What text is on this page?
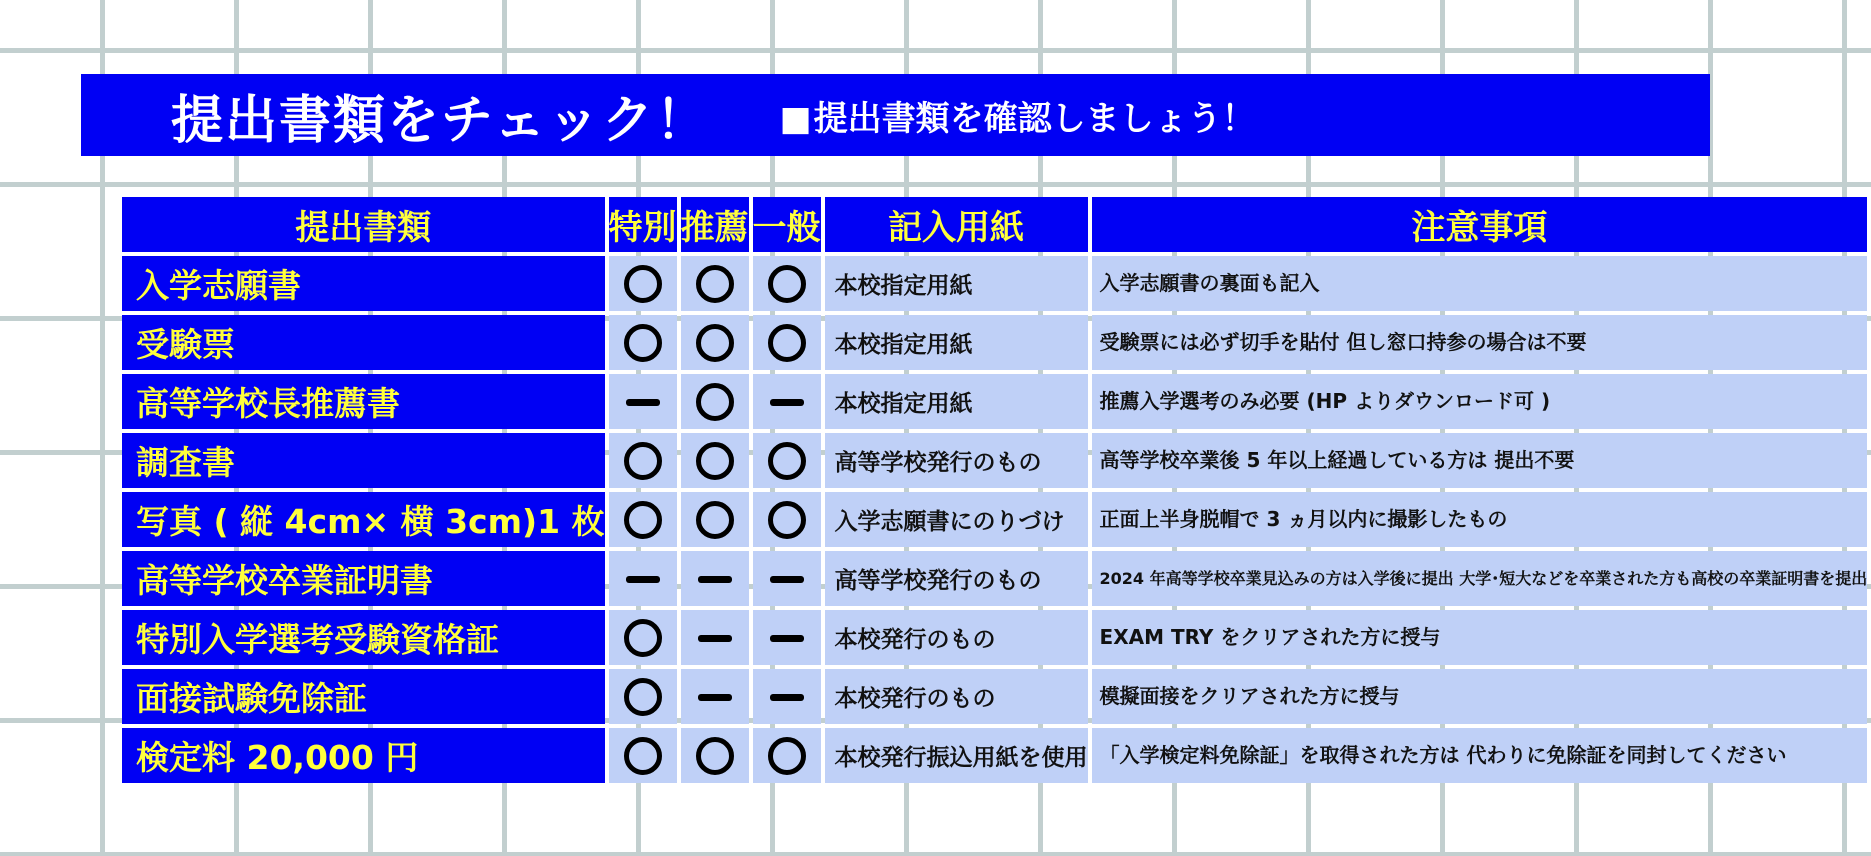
提出書類をチェック！ ■提出書類を確認しましょう！
提出書類	特別	推薦	一般	記入用紙	注意事項
入学志願書				本校指定用紙	入学志願書の裏面も記入
受験票				本校指定用紙	受験票には必ず切手を貼付 但し窓口持参の場合は不要
高等学校長推薦書				本校指定用紙	推薦入学選考のみ必要 (HP よりダウンロード可 )
調査書				高等学校発行のもの	高等学校卒業後 5 年以上経過している方は 提出不要
写真 ( 縦 4cm× 横 3cm)1 枚				入学志願書にのりづけ	正面上半身脱帽で 3 ヵ月以内に撮影したもの
高等学校卒業証明書				高等学校発行のもの	2024 年高等学校卒業見込みの方は入学後に提出 大学･短大などを卒業された方も高校の卒業証明書を提出
特別入学選考受験資格証				本校発行のもの	EXAM TRY をクリアされた方に授与
面接試験免除証				本校発行のもの	模擬面接をクリアされた方に授与
検定料 20,000 円				本校発行振込用紙を使用	「入学検定料免除証」を取得された方は 代わりに免除証を同封してください
